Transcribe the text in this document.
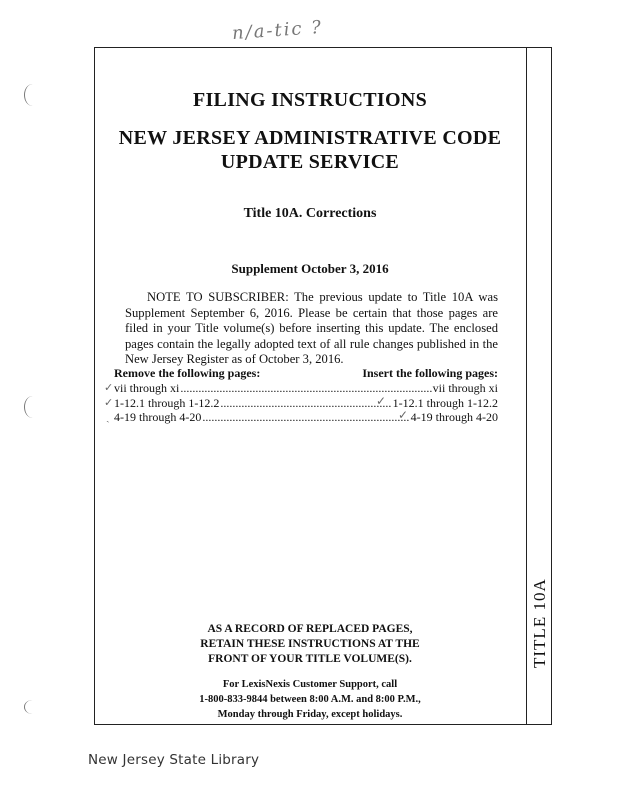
n/a-tic ?
TITLE 10A
FILING INSTRUCTIONS
NEW JERSEY ADMINISTRATIVE CODE
UPDATE SERVICE
Title 10A. Corrections
Supplement October 3, 2016
NOTE TO SUBSCRIBER: The previous update to Title 10A was Supplement September 6, 2016. Please be certain that those pages are filed in your Title volume(s) before inserting this update. The enclosed pages contain the legally adopted text of all rule changes published in the New Jersey Register as of October 3, 2016.
Remove the following pages:	Insert the following pages:
✓ vii through xi .....	vii through xi
✓ 1-12.1 through 1-12.2 .....	✓ 1-12.1 through 1-12.2
ˎ 4-19 through 4-20 .....	✓ 4-19 through 4-20
AS A RECORD OF REPLACED PAGES,
RETAIN THESE INSTRUCTIONS AT THE
FRONT OF YOUR TITLE VOLUME(S).
For LexisNexis Customer Support, call
1-800-833-9844 between 8:00 A.M. and 8:00 P.M.,
Monday through Friday, except holidays.
New Jersey State Library
